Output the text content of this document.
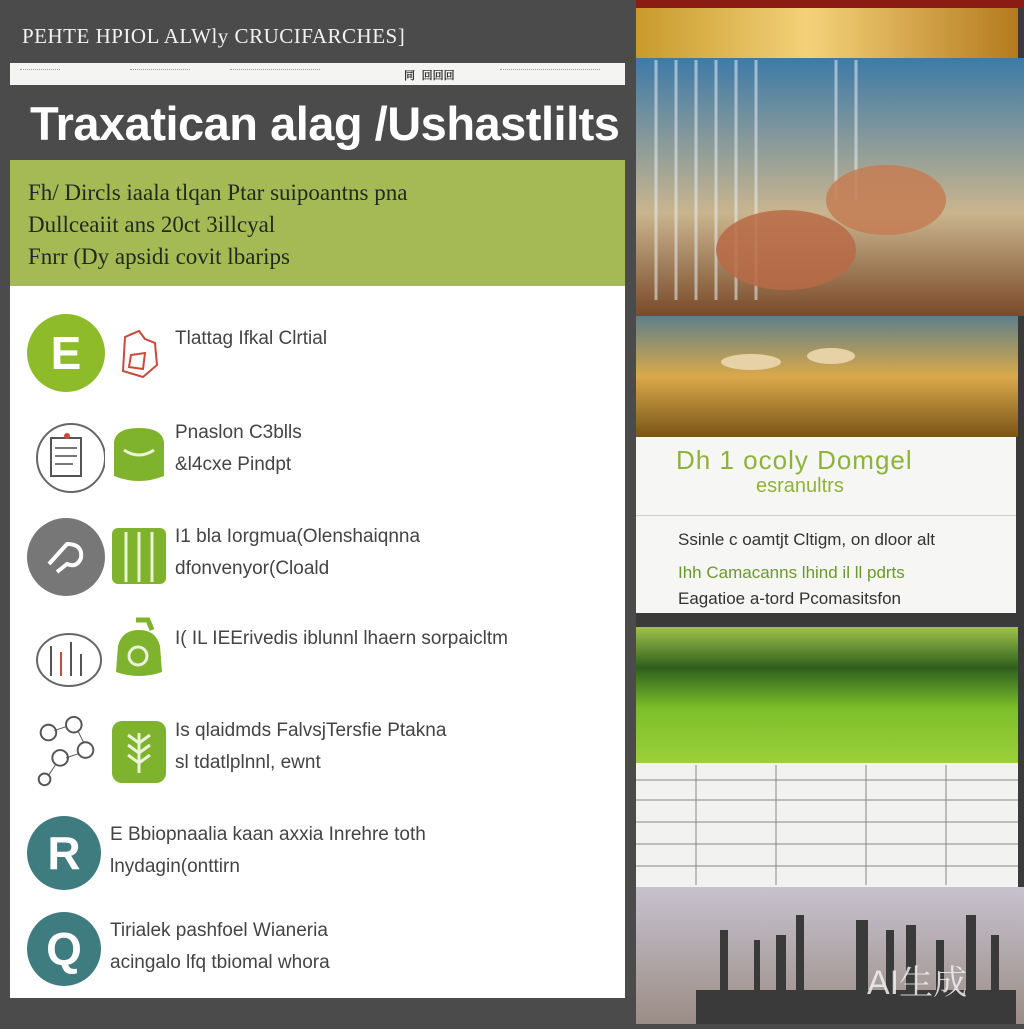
PEHTE HPIOL ALWly CRUCIFARCHES]
同 回回回
Traxatican alag /Ushastlilts
Fh/ Dircls iaala tlqan Ptar suipoantns pna
Dullceaiit ans 20ct 3illcyal
Fnrr (Dy apsidi covit lbarips
E	Tlattag Ifkal Clrtial
Pnaslon C3blls
&l4cxe Pindpt
I1 bla Iorgmua(Olenshaiqnna
dfonvenyor(Cloald
I( IL IEErivedis iblunnl lhaern sorpaicltm
Is qlaidmds FalvsjTersfie Ptakna
sl tdatlplnnl, ewnt
R E Bbiopnaalia kaan axxia Inrehre toth
lnydagin(onttirn
Q Tirialek pashfoel Wianeria
acingalo lfq tbiomal whora
Dh 1 ocoly Domgel
esranultrs
Ssinle c oamtjt Cltigm, on dloor alt
Ihh Camacanns lhind il ll pdrts
Eagatioe a-tord Pcomasitsfon
AI生成
